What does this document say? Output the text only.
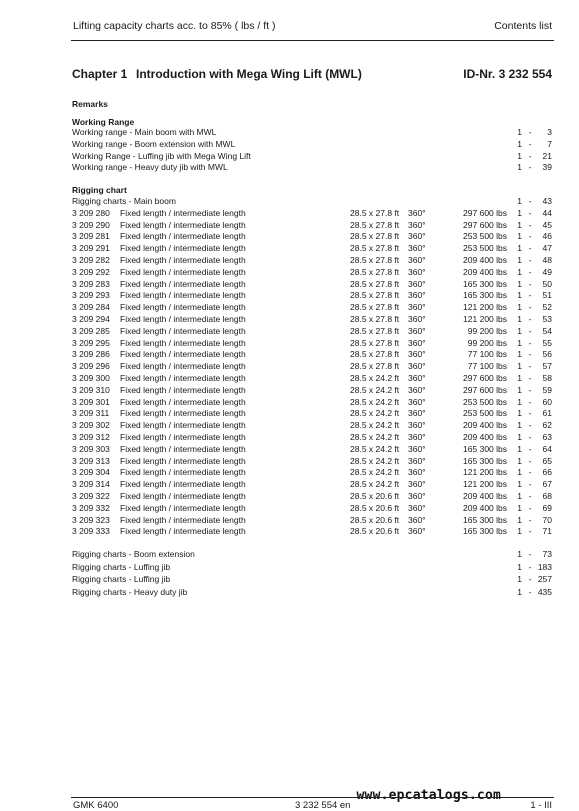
Lifting capacity charts acc. to 85% ( lbs / ft )	Contents list
Chapter 1 Introduction with Mega Wing Lift (MWL)	ID-Nr. 3 232 554
Remarks
Working Range
Working range - Main boom with MWL	1 -	3
Working range - Boom extension with MWL	1 -	7
Working Range - Luffing jib with Mega Wing Lift	1 -	21
Working range - Heavy duty jib with MWL	1 -	39
Rigging chart
Rigging charts - Main boom	1 -	43
3 209 280 Fixed length / intermediate length	28.5 x 27.8 ft 360°	297 600 lbs	1 -	44
3 209 290 Fixed length / intermediate length	28.5 x 27.8 ft 360°	297 600 lbs	1 -	45
3 209 281 Fixed length / intermediate length	28.5 x 27.8 ft 360°	253 500 lbs	1 -	46
3 209 291 Fixed length / intermediate length	28.5 x 27.8 ft 360°	253 500 lbs	1 -	47
3 209 282 Fixed length / intermediate length	28.5 x 27.8 ft 360°	209 400 lbs	1 -	48
3 209 292 Fixed length / intermediate length	28.5 x 27.8 ft 360°	209 400 lbs	1 -	49
3 209 283 Fixed length / intermediate length	28.5 x 27.8 ft 360°	165 300 lbs	1 -	50
3 209 293 Fixed length / intermediate length	28.5 x 27.8 ft 360°	165 300 lbs	1 -	51
3 209 284 Fixed length / intermediate length	28.5 x 27.8 ft 360°	121 200 lbs	1 -	52
3 209 294 Fixed length / intermediate length	28.5 x 27.8 ft 360°	121 200 lbs	1 -	53
3 209 285 Fixed length / intermediate length	28.5 x 27.8 ft 360°	99 200 lbs	1 -	54
3 209 295 Fixed length / intermediate length	28.5 x 27.8 ft 360°	99 200 lbs	1 -	55
3 209 286 Fixed length / intermediate length	28.5 x 27.8 ft 360°	77 100 lbs	1 -	56
3 209 296 Fixed length / intermediate length	28.5 x 27.8 ft 360°	77 100 lbs	1 -	57
3 209 300 Fixed length / intermediate length	28.5 x 24.2 ft 360°	297 600 lbs	1 -	58
3 209 310 Fixed length / intermediate length	28.5 x 24.2 ft 360°	297 600 lbs	1 -	59
3 209 301 Fixed length / intermediate length	28.5 x 24.2 ft 360°	253 500 lbs	1 -	60
3 209 311 Fixed length / intermediate length	28.5 x 24.2 ft 360°	253 500 lbs	1 -	61
3 209 302 Fixed length / intermediate length	28.5 x 24.2 ft 360°	209 400 lbs	1 -	62
3 209 312 Fixed length / intermediate length	28.5 x 24.2 ft 360°	209 400 lbs	1 -	63
3 209 303 Fixed length / intermediate length	28.5 x 24.2 ft 360°	165 300 lbs	1 -	64
3 209 313 Fixed length / intermediate length	28.5 x 24.2 ft 360°	165 300 lbs	1 -	65
3 209 304 Fixed length / intermediate length	28.5 x 24.2 ft 360°	121 200 lbs	1 -	66
3 209 314 Fixed length / intermediate length	28.5 x 24.2 ft 360°	121 200 lbs	1 -	67
3 209 322 Fixed length / intermediate length	28.5 x 20.6 ft 360°	209 400 lbs	1 -	68
3 209 332 Fixed length / intermediate length	28.5 x 20.6 ft 360°	209 400 lbs	1 -	69
3 209 323 Fixed length / intermediate length	28.5 x 20.6 ft 360°	165 300 lbs	1 -	70
3 209 333 Fixed length / intermediate length	28.5 x 20.6 ft 360°	165 300 lbs	1 -	71
Rigging charts - Boom extension	1 -	73
Rigging charts - Luffing jib	1 - 183
Rigging charts - Luffing jib	1 - 257
Rigging charts - Heavy duty jib	1 - 435
www.epcatalogs.com
GMK 6400	3 232 554 en	1 - III
